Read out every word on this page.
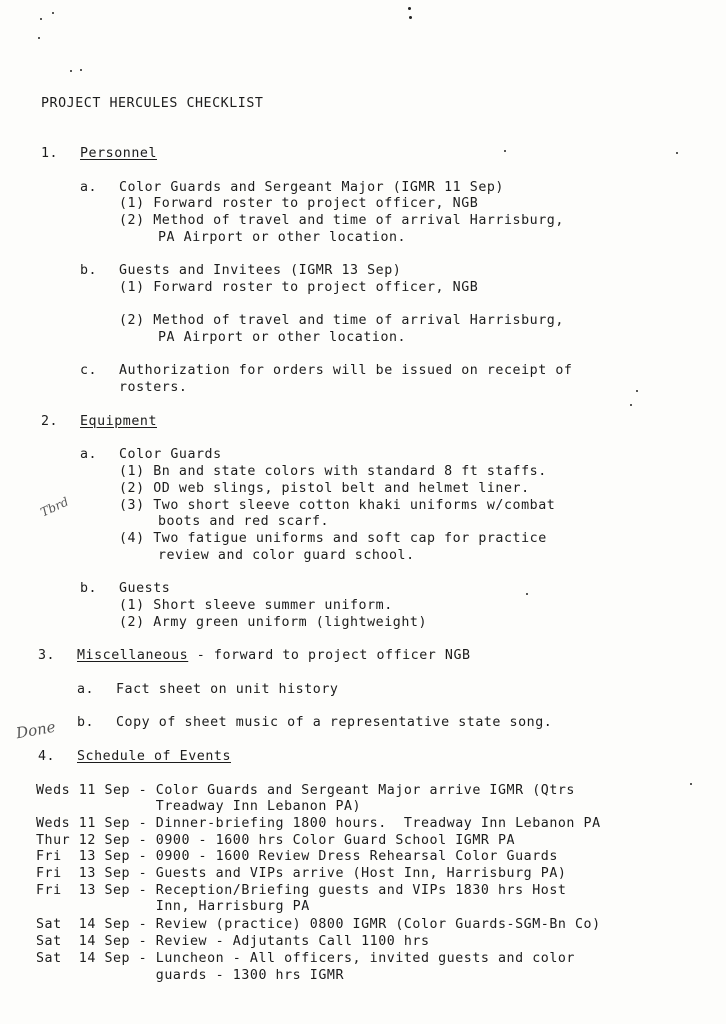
PROJECT HERCULES CHECKLIST
1. Personnel
a. Color Guards and Sergeant Major (IGMR 11 Sep)
(1) Forward roster to project officer, NGB
(2) Method of travel and time of arrival Harrisburg,
PA Airport or other location.
b. Guests and Invitees (IGMR 13 Sep)
(1) Forward roster to project officer, NGB
(2) Method of travel and time of arrival Harrisburg,
PA Airport or other location.
c. Authorization for orders will be issued on receipt of
rosters.
2. Equipment
a. Color Guards
(1) Bn and state colors with standard 8 ft staffs.
(2) OD web slings, pistol belt and helmet liner.
(3) Two short sleeve cotton khaki uniforms w/combat
boots and red scarf.
(4) Two fatigue uniforms and soft cap for practice
review and color guard school.
Tbrd
b. Guests
(1) Short sleeve summer uniform.
(2) Army green uniform (lightweight)
3. Miscellaneous - forward to project officer NGB
a. Fact sheet on unit history
Done b. Copy of sheet music of a representative state song.
4. Schedule of Events
Weds 11 Sep - Color Guards and Sergeant Major arrive IGMR (Qtrs
Treadway Inn Lebanon PA)
Weds 11 Sep - Dinner-briefing 1800 hours.  Treadway Inn Lebanon PA
Thur 12 Sep - 0900 - 1600 hrs Color Guard School IGMR PA
Fri  13 Sep - 0900 - 1600 Review Dress Rehearsal Color Guards
Fri  13 Sep - Guests and VIPs arrive (Host Inn, Harrisburg PA)
Fri  13 Sep - Reception/Briefing guests and VIPs 1830 hrs Host
Inn, Harrisburg PA
Sat  14 Sep - Review (practice) 0800 IGMR (Color Guards-SGM-Bn Co)
Sat  14 Sep - Review - Adjutants Call 1100 hrs
Sat  14 Sep - Luncheon - All officers, invited guests and color
guards - 1300 hrs IGMR
